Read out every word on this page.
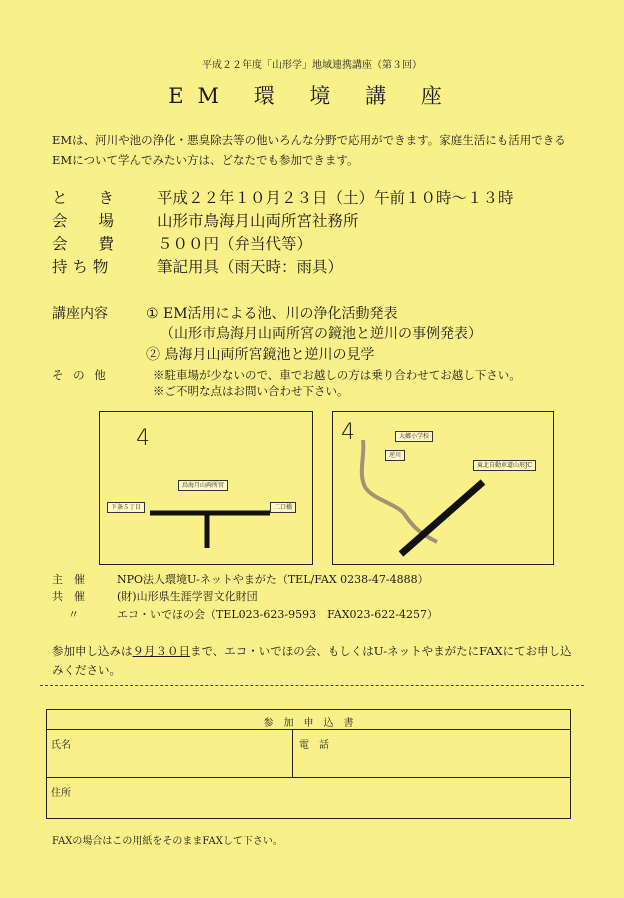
平成２２年度「山形学」地域連携講座（第３回）
EM 環 境 講 座
EMは、河川や池の浄化・悪臭除去等の他いろんな分野で応用ができます。家庭生活にも活用できるEMについて学んでみたい方は、どなたでも参加できます。
と　　き	平成２２年１０月２３日（土）午前１０時～１３時
会　　場	山形市鳥海月山両所宮社務所
会　　費	５００円（弁当代等）
持 ち 物	筆記用具（雨天時：雨具）
講座内容	① EM活用による池、川の浄化活動発表
（山形市鳥海月山両所宮の鏡池と逆川の事例発表）
② 鳥海月山両所宮鏡池と逆川の見学
そ の 他	※駐車場が少ないので、車でお越しの方は乗り合わせてお越し下さい。
※ご不明な点はお問い合わせ下さい。
4
鳥海月山両所宮
下条５丁目	二口橋
4	大郷小学校
逆川
東北自動車道山形JC
主　催	NPO法人環境U-ネットやまがた（TEL/FAX 0238-47-4888）
共　催	(財)山形県生涯学習文化財団
〃	エコ・いでほの会（TEL023-623-9593　FAX023-622-4257）
参加申し込みは９月３０日まで、エコ・いでほの会、もしくはU-ネットやまがたにFAXにてお申し込みください。
参　加　申　込　書
氏名	電　話
住所
FAXの場合はこの用紙をそのままFAXして下さい。
